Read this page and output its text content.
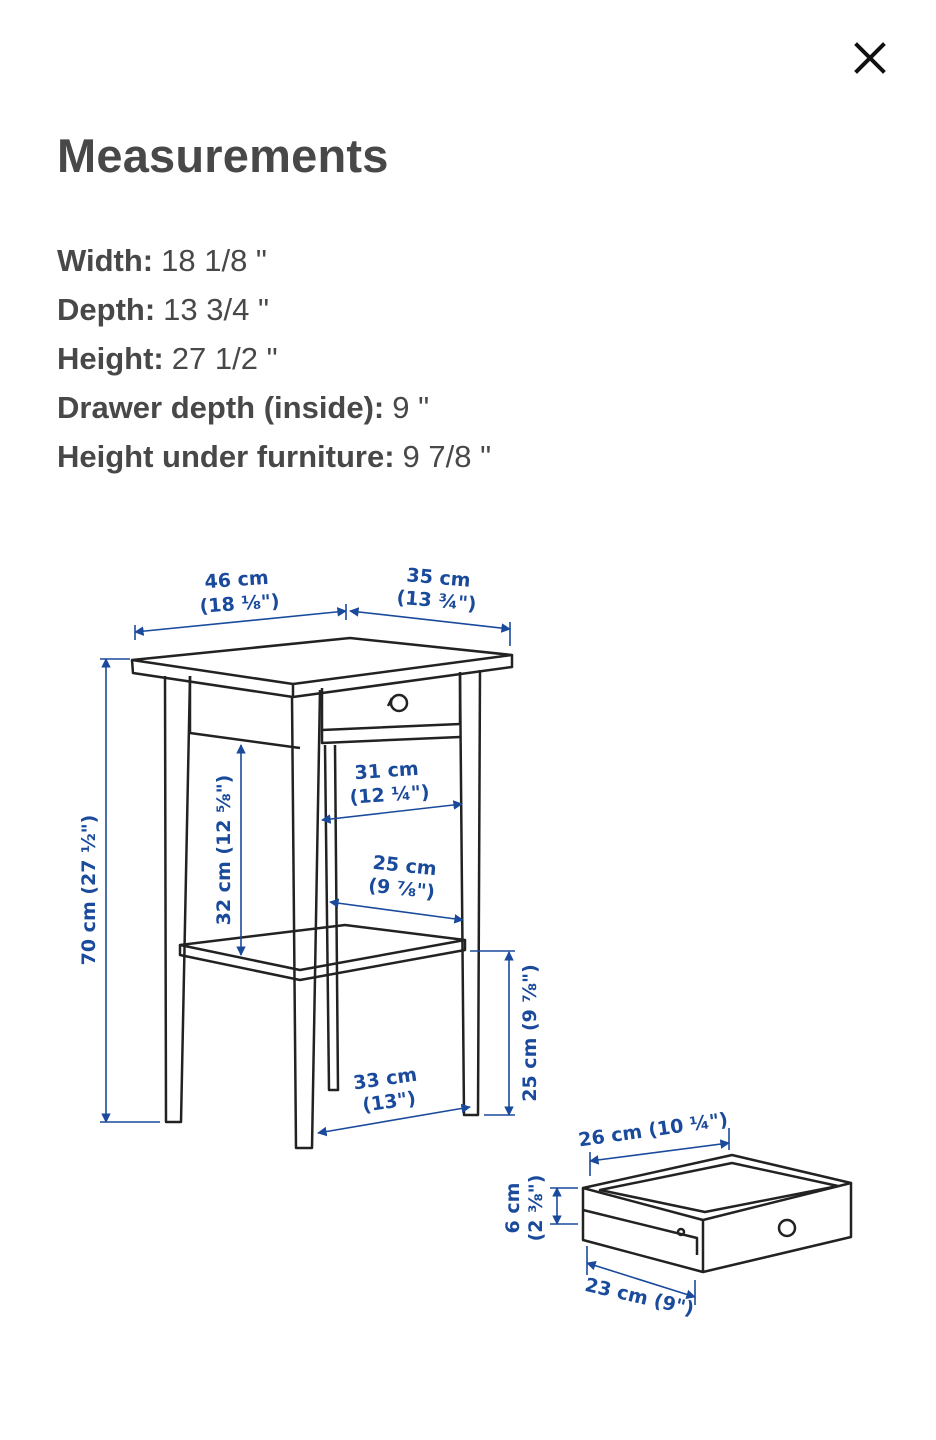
Measurements
Width: 18 1/8 "
Depth: 13 3/4 "
Height: 27 1/2 "
Drawer depth (inside): 9 "
Height under furniture: 9 7/8 "
46 cm
(18 ⅛")
35 cm
(13 ¾")
70 cm (27 ½")	32 cm (12 ⅝")
31 cm
(12 ¼")
25 cm
(9 ⅞")
25 cm (9 ⅞")
33 cm
(13")
26 cm (10 ¼")
6 cm (2 ⅜")
23 cm (9")
